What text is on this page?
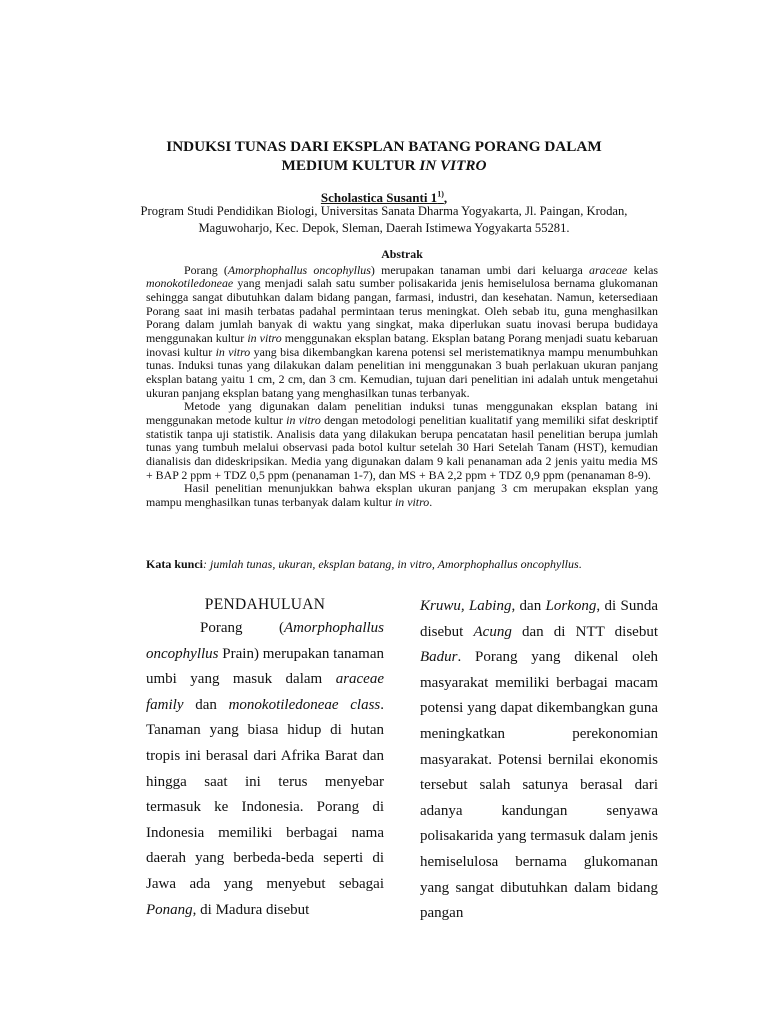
INDUKSI TUNAS DARI EKSPLAN BATANG PORANG DALAM
MEDIUM KULTUR IN VITRO
Scholastica Susanti 1$^{1)}$,
Program Studi Pendidikan Biologi, Universitas Sanata Dharma Yogyakarta, Jl. Paingan, Krodan,
Maguwoharjo, Kec. Depok, Sleman, Daerah Istimewa Yogyakarta 55281.
Abstrak

Porang (Amorphophallus oncophyllus) merupakan tanaman umbi dari keluarga araceae kelas monokotiledoneae yang menjadi salah satu sumber polisakarida jenis hemiselulosa bernama glukomanan sehingga sangat dibutuhkan dalam bidang pangan, farmasi, industri, dan kesehatan. Namun, ketersediaan Porang saat ini masih terbatas padahal permintaan terus meningkat. Oleh sebab itu, guna menghasilkan Porang dalam jumlah banyak di waktu yang singkat, maka diperlukan suatu inovasi berupa budidaya menggunakan kultur in vitro menggunakan eksplan batang. Eksplan batang Porang menjadi suatu kebaruan inovasi kultur in vitro yang bisa dikembangkan karena potensi sel meristematiknya mampu menumbuhkan tunas. Induksi tunas yang dilakukan dalam penelitian ini menggunakan 3 buah perlakuan ukuran panjang eksplan batang yaitu 1 cm, 2 cm, dan 3 cm. Kemudian, tujuan dari penelitian ini adalah untuk mengetahui ukuran panjang eksplan batang yang menghasilkan tunas terbanyak.

Metode yang digunakan dalam penelitian induksi tunas menggunakan eksplan batang ini menggunakan metode kultur in vitro dengan metodologi penelitian kualitatif yang memiliki sifat deskriptif statistik tanpa uji statistik. Analisis data yang dilakukan berupa pencatatan hasil penelitian berupa jumlah tunas yang tumbuh melalui observasi pada botol kultur setelah 30 Hari Setelah Tanam (HST), kemudian dianalisis dan dideskripsikan. Media yang digunakan dalam 9 kali penanaman ada 2 jenis yaitu media MS + BAP 2 ppm + TDZ 0,5 ppm (penanaman 1-7), dan MS + BA 2,2 ppm + TDZ 0,9 ppm (penanaman 8-9).

Hasil penelitian menunjukkan bahwa eksplan ukuran panjang 3 cm merupakan eksplan yang mampu menghasilkan tunas terbanyak dalam kultur in vitro.

Kata kunci: jumlah tunas, ukuran, eksplan batang, in vitro, Amorphophallus oncophyllus.
PENDAHULUAN

Porang (Amorphophallus oncophyllus Prain) merupakan tanaman umbi yang masuk dalam araceae family dan monokotiledoneae class. Tanaman yang biasa hidup di hutan tropis ini berasal dari Afrika Barat dan hingga saat ini terus menyebar termasuk ke Indonesia. Porang di Indonesia memiliki berbagai nama daerah yang berbeda-beda seperti di Jawa ada yang menyebut sebagai Ponang, di Madura disebut

Kruwu, Labing, dan Lorkong, di Sunda disebut Acung dan di NTT disebut Badur. Porang yang dikenal oleh masyarakat memiliki berbagai macam potensi yang dapat dikembangkan guna meningkatkan perekonomian masyarakat. Potensi bernilai ekonomis tersebut salah satunya berasal dari adanya kandungan senyawa polisakarida yang termasuk dalam jenis hemiselulosa bernama glukomanan yang sangat dibutuhkan dalam bidang pangan
